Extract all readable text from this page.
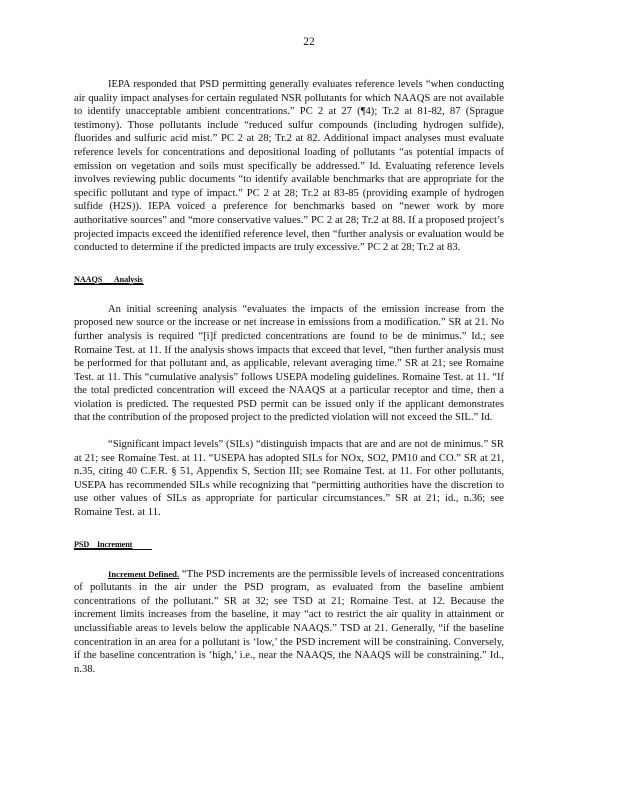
22

IEPA responded that PSD permitting generally evaluates reference levels “when conducting air quality impact analyses for certain regulated NSR pollutants for which NAAQS are not available to identify unacceptable ambient concentrations.” PC 2 at 27 (¶4); Tr.2 at 81-82, 87 (Sprague testimony). Those pollutants include “reduced sulfur compounds (including hydrogen sulfide), fluorides and sulfuric acid mist.” PC 2 at 28; Tr.2 at 82. Additional impact analyses must evaluate reference levels for concentrations and depositional loading of pollutants “as potential impacts of emission on vegetation and soils must specifically be addressed.” Id. Evaluating reference levels involves reviewing public documents “to identify available benchmarks that are appropriate for the specific pollutant and type of impact.” PC 2 at 28; Tr.2 at 83-85 (providing example of hydrogen sulfide (H2S)). IEPA voiced a preference for benchmarks based on “newer work by more authoritative sources” and “more conservative values.” PC 2 at 28; Tr.2 at 88. If a proposed project’s projected impacts exceed the identified reference level, then “further analysis or evaluation would be conducted to determine if the predicted impacts are truly excessive.” PC 2 at 28; Tr.2 at 83.

NAAQS Analysis

An initial screening analysis “evaluates the impacts of the emission increase from the proposed new source or the increase or net increase in emissions from a modification.” SR at 21. No further analysis is required “[i]f predicted concentrations are found to be de minimus.” Id.; see Romaine Test. at 11. If the analysis shows impacts that exceed that level, “then further analysis must be performed for that pollutant and, as applicable, relevant averaging time.” SR at 21; see Romaine Test. at 11. This “cumulative analysis” follows USEPA modeling guidelines. Romaine Test. at 11. “If the total predicted concentration will exceed the NAAQS at a particular receptor and time, then a violation is predicted. The requested PSD permit can be issued only if the applicant demonstrates that the contribution of the proposed project to the predicted violation will not exceed the SIL.” Id.

“Significant impact levels” (SILs) “distinguish impacts that are and are not de minimus.” SR at 21; see Romaine Test. at 11. “USEPA has adopted SILs for NOx, SO2, PM10 and CO.” SR at 21, n.35, citing 40 C.F.R. § 51, Appendix S, Section III; see Romaine Test. at 11. For other pollutants, USEPA has recommended SILs while recognizing that “permitting authorities have the discretion to use other values of SILs as appropriate for particular circumstances.” SR at 21; id., n.36; see Romaine Test. at 11.

PSD Increment

Increment Defined. “The PSD increments are the permissible levels of increased concentrations of pollutants in the air under the PSD program, as evaluated from the baseline ambient concentrations of the pollutant.” SR at 32; see TSD at 21; Romaine Test. at 12. Because the increment limits increases from the baseline, it may “act to restrict the air quality in attainment or unclassifiable areas to levels below the applicable NAAQS.” TSD at 21. Generally, “if the baseline concentration in an area for a pollutant is ‘low,’ the PSD increment will be constraining. Conversely, if the baseline concentration is ‘high,’ i.e., near the NAAQS, the NAAQS will be constraining.” Id., n.38.
